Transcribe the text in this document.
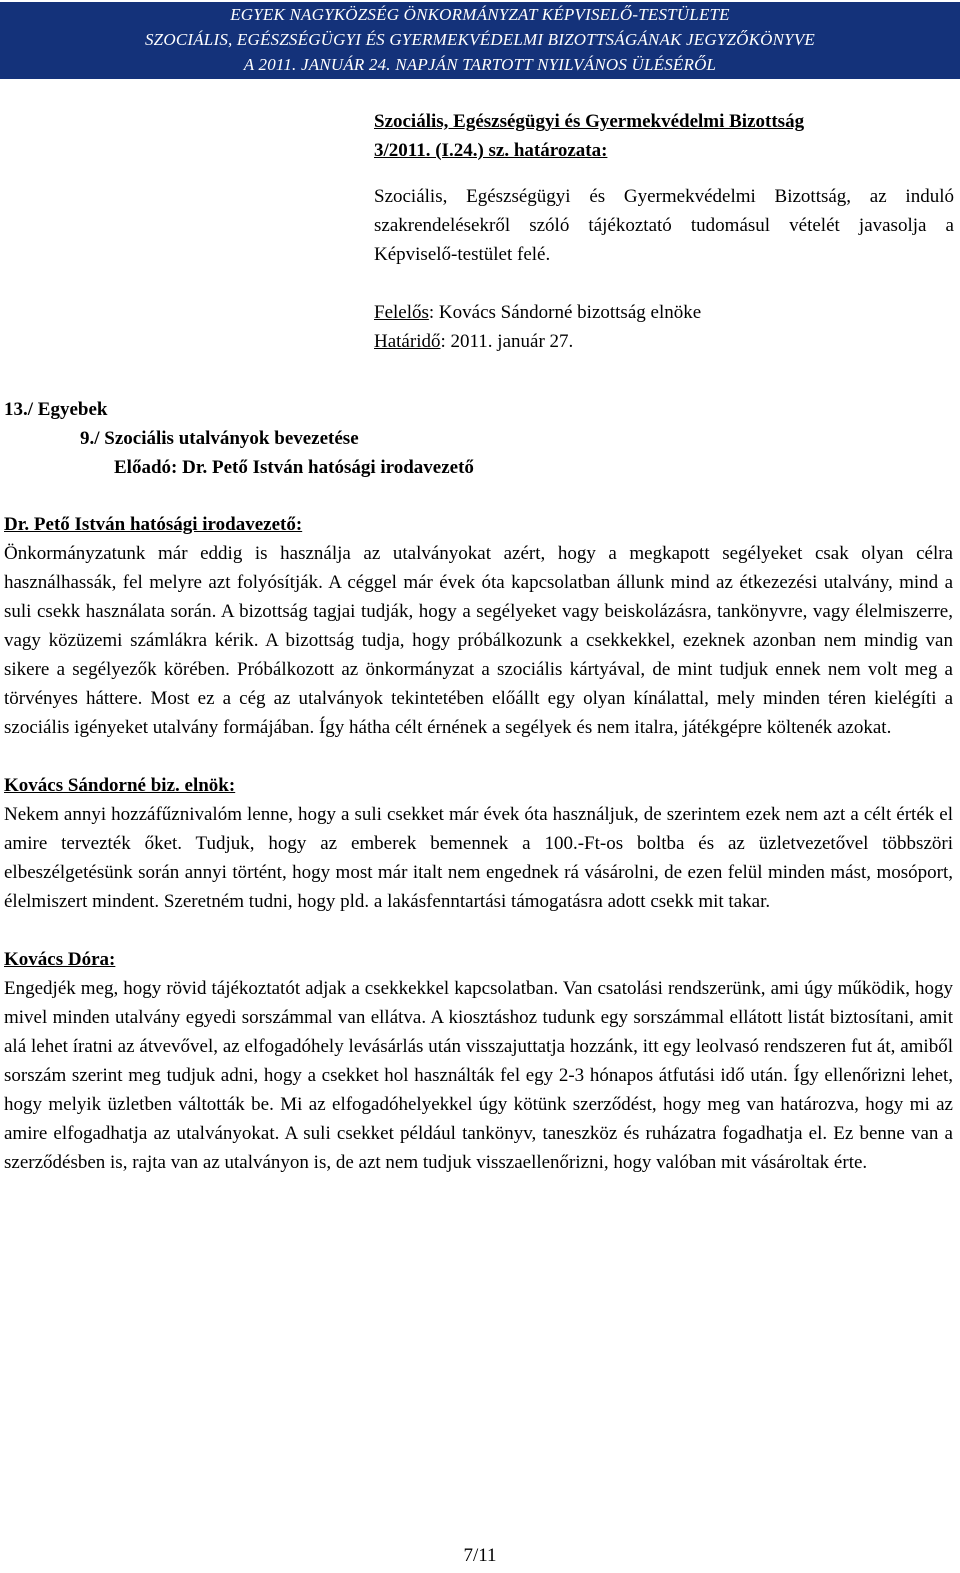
EGYEK NAGYKÖZSÉG ÖNKORMÁNYZAT KÉPVISELŐ-TESTÜLETE
SZOCIÁLIS, EGÉSZSÉGÜGYI ÉS GYERMEKVÉDELMI BIZOTTSÁGÁNAK JEGYZŐKÖNYVE
A 2011. JANUÁR 24. NAPJÁN TARTOTT NYILVÁNOS ÜLÉSÉRŐL
Szociális, Egészségügyi és Gyermekvédelmi Bizottság
3/2011. (I.24.) sz. határozata:
Szociális, Egészségügyi és Gyermekvédelmi Bizottság, az induló szakrendelésekről szóló tájékoztató tudomásul vételét javasolja a Képviselő-testület felé.
Felelős: Kovács Sándorné bizottság elnöke
Határidő: 2011. január 27.
13./ Egyebek
9./ Szociális utalványok bevezetése
Előadó: Dr. Pető István hatósági irodavezető
Dr. Pető István hatósági irodavezető:
Önkormányzatunk már eddig is használja az utalványokat azért, hogy a megkapott segélyeket csak olyan célra használhassák, fel melyre azt folyósítják. A céggel már évek óta kapcsolatban állunk mind az étkezezési utalvány, mind a suli csekk használata során. A bizottság tagjai tudják, hogy a segélyeket vagy beiskolázásra, tankönyvre, vagy élelmiszerre, vagy közüzemi számlákra kérik. A bizottság tudja, hogy próbálkozunk a csekkekkel, ezeknek azonban nem mindig van sikere a segélyezők körében. Próbálkozott az önkormányzat a szociális kártyával, de mint tudjuk ennek nem volt meg a törvényes háttere. Most ez a cég az utalványok tekintetében előállt egy olyan kínálattal, mely minden téren kielégíti a szociális igényeket utalvány formájában. Így hátha célt érnének a segélyek és nem italra, játékgépre költenék azokat.
Kovács Sándorné biz. elnök:
Nekem annyi hozzáfűznivalóm lenne, hogy a suli csekket már évek óta használjuk, de szerintem ezek nem azt a célt érték el amire tervezték őket. Tudjuk, hogy az emberek bemennek a 100.-Ft-os boltba és az üzletvezetővel többszöri elbeszélgetésünk során annyi történt, hogy most már italt nem engednek rá vásárolni, de ezen felül minden mást, mosóport, élelmiszert mindent. Szeretném tudni, hogy pld. a lakásfenntartási támogatásra adott csekk mit takar.
Kovács Dóra:
Engedjék meg, hogy rövid tájékoztatót adjak a csekkekkel kapcsolatban. Van csatolási rendszerünk, ami úgy működik, hogy mivel minden utalvány egyedi sorszámmal van ellátva. A kiosztáshoz tudunk egy sorszámmal ellátott listát biztosítani, amit alá lehet íratni az átvevővel, az elfogadóhely levásárlás után visszajuttatja hozzánk, itt egy leolvasó rendszeren fut át, amiből sorszám szerint meg tudjuk adni, hogy a csekket hol használták fel egy 2-3 hónapos átfutási idő után. Így ellenőrizni lehet, hogy melyik üzletben váltották be. Mi az elfogadóhelyekkel úgy kötünk szerződést, hogy meg van határozva, hogy mi az amire elfogadhatja az utalványokat. A suli csekket például tankönyv, taneszköz és ruházatra fogadhatja el. Ez benne van a szerződésben is, rajta van az utalványon is, de azt nem tudjuk visszaellenőrizni, hogy valóban mit vásároltak érte.
7/11
